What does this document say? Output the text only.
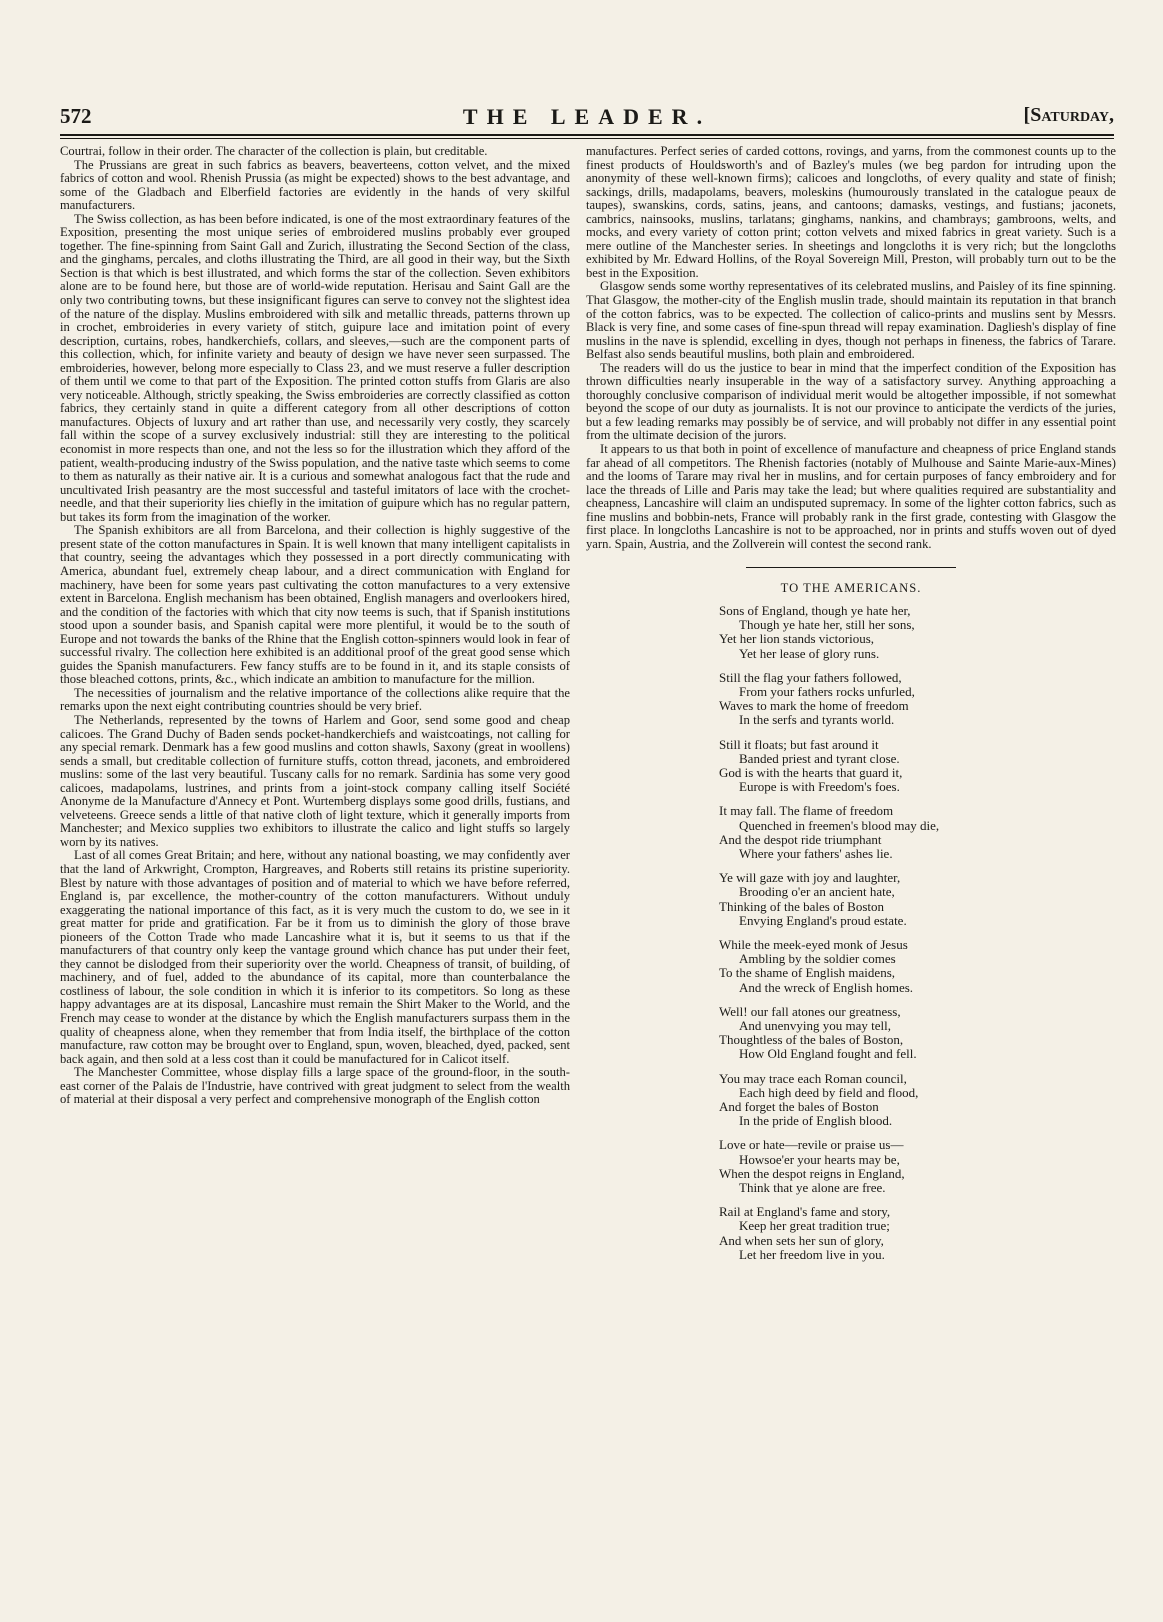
572	THE LEADER.	[Saturday,

Courtrai, follow in their order. The character of the collection is plain, but creditable.

The Prussians are great in such fabrics as beavers, beaverteens, cotton velvet, and the mixed fabrics of cotton and wool. Rhenish Prussia (as might be expected) shows to the best advantage, and some of the Gladbach and Elberfield factories are evidently in the hands of very skilful manufacturers.

The Swiss collection, as has been before indicated, is one of the most extraordinary features of the Exposition, presenting the most unique series of embroidered muslins probably ever grouped together. The fine-spinning from Saint Gall and Zurich, illustrating the Second Section of the class, and the ginghams, percales, and cloths illustrating the Third, are all good in their way, but the Sixth Section is that which is best illustrated, and which forms the star of the collection. Seven exhibitors alone are to be found here, but those are of world-wide reputation. Herisau and Saint Gall are the only two contributing towns, but these insignificant figures can serve to convey not the slightest idea of the nature of the display. Muslins embroidered with silk and metallic threads, patterns thrown up in crochet, embroideries in every variety of stitch, guipure lace and imitation point of every description, curtains, robes, handkerchiefs, collars, and sleeves,—such are the component parts of this collection, which, for infinite variety and beauty of design we have never seen surpassed. The embroideries, however, belong more especially to Class 23, and we must reserve a fuller description of them until we come to that part of the Exposition. The printed cotton stuffs from Glaris are also very noticeable. Although, strictly speaking, the Swiss embroideries are correctly classified as cotton fabrics, they certainly stand in quite a different category from all other descriptions of cotton manufactures. Objects of luxury and art rather than use, and necessarily very costly, they scarcely fall within the scope of a survey exclusively industrial: still they are interesting to the political economist in more respects than one, and not the less so for the illustration which they afford of the patient, wealth-producing industry of the Swiss population, and the native taste which seems to come to them as naturally as their native air. It is a curious and somewhat analogous fact that the rude and uncultivated Irish peasantry are the most successful and tasteful imitators of lace with the crochet-needle, and that their superiority lies chiefly in the imitation of guipure which has no regular pattern, but takes its form from the imagination of the worker.

The Spanish exhibitors are all from Barcelona, and their collection is highly suggestive of the present state of the cotton manufactures in Spain. It is well known that many intelligent capitalists in that country, seeing the advantages which they possessed in a port directly communicating with America, abundant fuel, extremely cheap labour, and a direct communication with England for machinery, have been for some years past cultivating the cotton manufactures to a very extensive extent in Barcelona. English mechanism has been obtained, English managers and overlookers hired, and the condition of the factories with which that city now teems is such, that if Spanish institutions stood upon a sounder basis, and Spanish capital were more plentiful, it would be to the south of Europe and not towards the banks of the Rhine that the English cotton-spinners would look in fear of successful rivalry. The collection here exhibited is an additional proof of the great good sense which guides the Spanish manufacturers. Few fancy stuffs are to be found in it, and its staple consists of those bleached cottons, prints, &c., which indicate an ambition to manufacture for the million.

The necessities of journalism and the relative importance of the collections alike require that the remarks upon the next eight contributing countries should be very brief.

The Netherlands, represented by the towns of Harlem and Goor, send some good and cheap calicoes. The Grand Duchy of Baden sends pocket-handkerchiefs and waistcoatings, not calling for any special remark. Denmark has a few good muslins and cotton shawls, Saxony (great in woollens) sends a small, but creditable collection of furniture stuffs, cotton thread, jaconets, and embroidered muslins: some of the last very beautiful. Tuscany calls for no remark. Sardinia has some very good calicoes, madapolams, lustrines, and prints from a joint-stock company calling itself Société Anonyme de la Manufacture d'Annecy et Pont. Wurtemberg displays some good drills, fustians, and velveteens. Greece sends a little of that native cloth of light texture, which it generally imports from Manchester; and Mexico supplies two exhibitors to illustrate the calico and light stuffs so largely worn by its natives.

Last of all comes Great Britain; and here, without any national boasting, we may confidently aver that the land of Arkwright, Crompton, Hargreaves, and Roberts still retains its pristine superiority. Blest by nature with those advantages of position and of material to which we have before referred, England is, par excellence, the mother-country of the cotton manufacturers. Without unduly exaggerating the national importance of this fact, as it is very much the custom to do, we see in it great matter for pride and gratification. Far be it from us to diminish the glory of those brave pioneers of the Cotton Trade who made Lancashire what it is, but it seems to us that if the manufacturers of that country only keep the vantage ground which chance has put under their feet, they cannot be dislodged from their superiority over the world. Cheapness of transit, of building, of machinery, and of fuel, added to the abundance of its capital, more than counterbalance the costliness of labour, the sole condition in which it is inferior to its competitors. So long as these happy advantages are at its disposal, Lancashire must remain the Shirt Maker to the World, and the French may cease to wonder at the distance by which the English manufacturers surpass them in the quality of cheapness alone, when they remember that from India itself, the birthplace of the cotton manufacture, raw cotton may be brought over to England, spun, woven, bleached, dyed, packed, sent back again, and then sold at a less cost than it could be manufactured for in Calicot itself.

The Manchester Committee, whose display fills a large space of the ground-floor, in the south-east corner of the Palais de l'Industrie, have contrived with great judgment to select from the wealth of material at their disposal a very perfect and comprehensive monograph of the English cotton

manufactures. Perfect series of carded cottons, rovings, and yarns, from the commonest counts up to the finest products of Houldsworth's and of Bazley's mules (we beg pardon for intruding upon the anonymity of these well-known firms); calicoes and longcloths, of every quality and state of finish; sackings, drills, madapolams, beavers, moleskins (humourously translated in the catalogue peaux de taupes), swanskins, cords, satins, jeans, and cantoons; damasks, vestings, and fustians; jaconets, cambrics, nainsooks, muslins, tarlatans; ginghams, nankins, and chambrays; gambroons, welts, and mocks, and every variety of cotton print; cotton velvets and mixed fabrics in great variety. Such is a mere outline of the Manchester series. In sheetings and longcloths it is very rich; but the longcloths exhibited by Mr. Edward Hollins, of the Royal Sovereign Mill, Preston, will probably turn out to be the best in the Exposition.

Glasgow sends some worthy representatives of its celebrated muslins, and Paisley of its fine spinning. That Glasgow, the mother-city of the English muslin trade, should maintain its reputation in that branch of the cotton fabrics, was to be expected. The collection of calico-prints and muslins sent by Messrs. Black is very fine, and some cases of fine-spun thread will repay examination. Dagliesh's display of fine muslins in the nave is splendid, excelling in dyes, though not perhaps in fineness, the fabrics of Tarare. Belfast also sends beautiful muslins, both plain and embroidered.

The readers will do us the justice to bear in mind that the imperfect condition of the Exposition has thrown difficulties nearly insuperable in the way of a satisfactory survey. Anything approaching a thoroughly conclusive comparison of individual merit would be altogether impossible, if not somewhat beyond the scope of our duty as journalists. It is not our province to anticipate the verdicts of the juries, but a few leading remarks may possibly be of service, and will probably not differ in any essential point from the ultimate decision of the jurors.

It appears to us that both in point of excellence of manufacture and cheapness of price England stands far ahead of all competitors. The Rhenish factories (notably of Mulhouse and Sainte Marie-aux-Mines) and the looms of Tarare may rival her in muslins, and for certain purposes of fancy embroidery and for lace the threads of Lille and Paris may take the lead; but where qualities required are substantiality and cheapness, Lancashire will claim an undisputed supremacy. In some of the lighter cotton fabrics, such as fine muslins and bobbin-nets, France will probably rank in the first grade, contesting with Glasgow the first place. In longcloths Lancashire is not to be approached, nor in prints and stuffs woven out of dyed yarn. Spain, Austria, and the Zollverein will contest the second rank.

TO THE AMERICANS.
Sons of England, though ye hate her,
Though ye hate her, still her sons,
Yet her lion stands victorious,
Yet her lease of glory runs.
Still the flag your fathers followed,
From your fathers rocks unfurled,
Waves to mark the home of freedom
In the serfs and tyrants world.
Still it floats; but fast around it
Banded priest and tyrant close.
God is with the hearts that guard it,
Europe is with Freedom's foes.
It may fall. The flame of freedom
Quenched in freemen's blood may die,
And the despot ride triumphant
Where your fathers' ashes lie.
Ye will gaze with joy and laughter,
Brooding o'er an ancient hate,
Thinking of the bales of Boston
Envying England's proud estate.
While the meek-eyed monk of Jesus
Ambling by the soldier comes
To the shame of English maidens,
And the wreck of English homes.
Well! our fall atones our greatness,
And unenvying you may tell,
Thoughtless of the bales of Boston,
How Old England fought and fell.
You may trace each Roman council,
Each high deed by field and flood,
And forget the bales of Boston
In the pride of English blood.
Love or hate—revile or praise us—
Howsoe'er your hearts may be,
When the despot reigns in England,
Think that ye alone are free.
Rail at England's fame and story,
Keep her great tradition true;
And when sets her sun of glory,
Let her freedom live in you.
